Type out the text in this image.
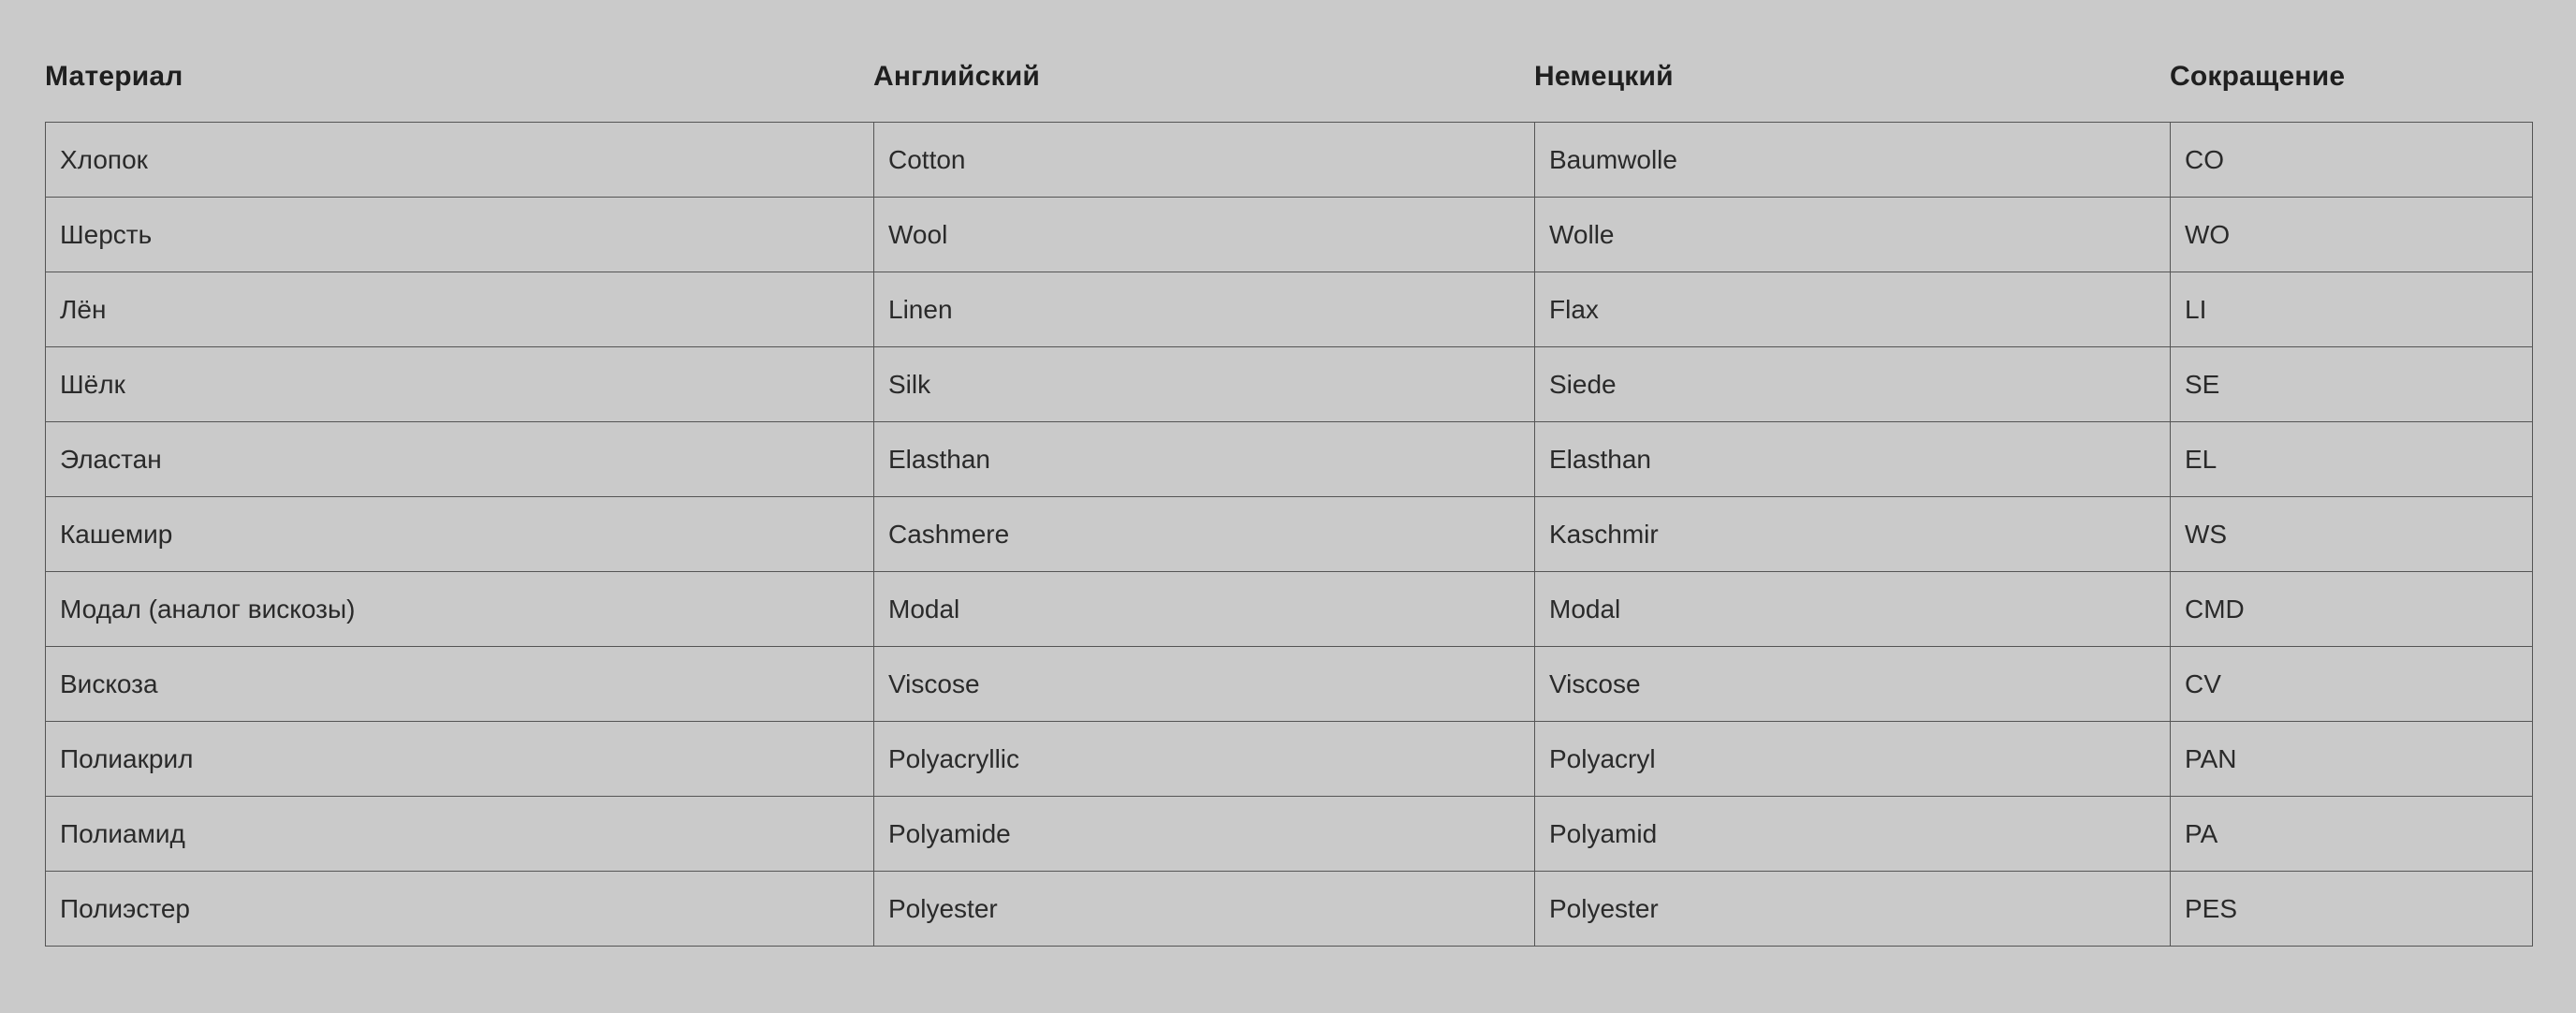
Материал	Английский	Немецкий	Сокращение
Хлопок	Cotton	Baumwolle	CO
Шерсть	Wool	Wolle	WO
Лён	Linen	Flax	LI
Шёлк	Silk	Siede	SE
Эластан	Elasthan	Elasthan	EL
Кашемир	Cashmere	Kaschmir	WS
Модал (аналог вискозы)	Modal	Modal	CMD
Вискоза	Viscose	Viscose	CV
Полиакрил	Polyacryllic	Polyacryl	PAN
Полиамид	Polyamide	Polyamid	PA
Полиэстер	Polyester	Polyester	PES
